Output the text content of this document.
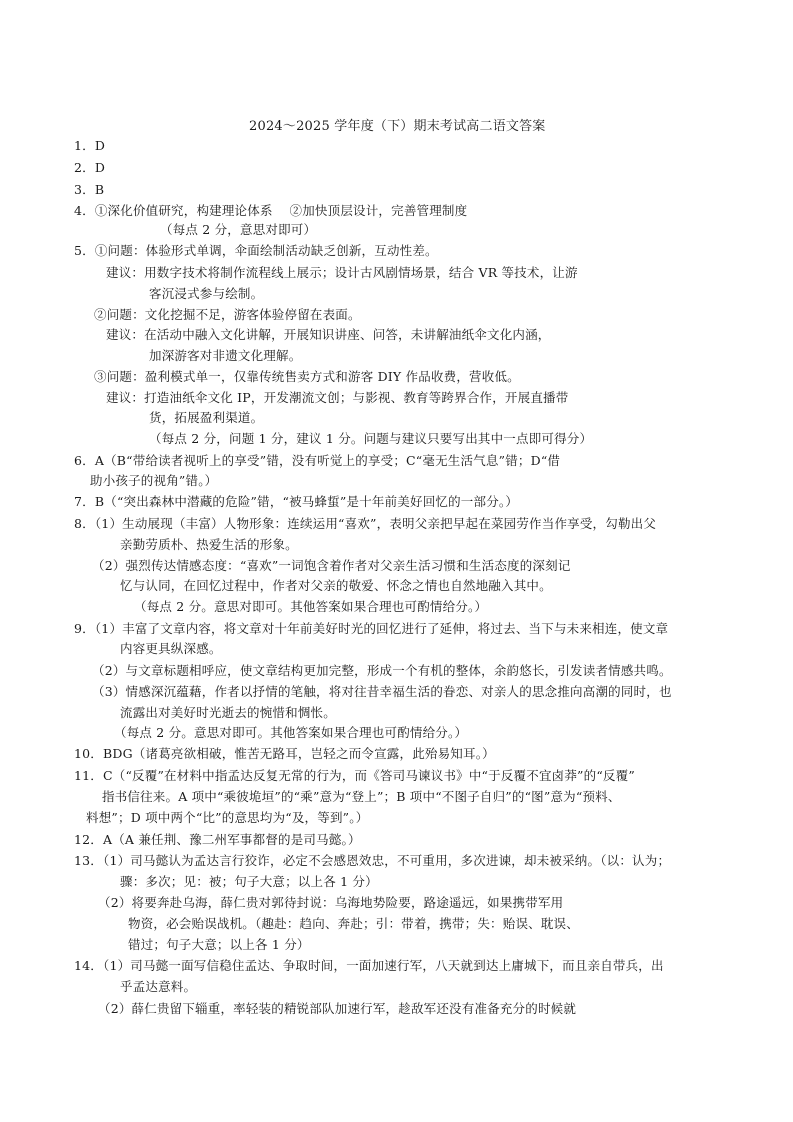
2024～2025 学年度（下）期末考试高二语文答案
1．D
2．D
3．B
4．①深化价值研究，构建理论体系　 ②加快顶层设计，完善管理制度
（每点 2 分，意思对即可）
5．①问题：体验形式单调，伞面绘制活动缺乏创新，互动性差。
建议：用数字技术将制作流程线上展示；设计古风剧情场景，结合 VR 等技术，让游
客沉浸式参与绘制。
②问题：文化挖掘不足，游客体验停留在表面。
建议：在活动中融入文化讲解，开展知识讲座、问答，未讲解油纸伞文化内涵，
加深游客对非遗文化理解。
③问题：盈利模式单一，仅靠传统售卖方式和游客 DIY 作品收费，营收低。
建议：打造油纸伞文化 IP，开发潮流文创；与影视、教育等跨界合作，开展直播带
货，拓展盈利渠道。
（每点 2 分，问题 1 分，建议 1 分。问题与建议只要写出其中一点即可得分）
6．A（B“带给读者视听上的享受”错，没有听觉上的享受；C“毫无生活气息”错；D“借
助小孩子的视角”错。）
7．B（“突出森林中潜藏的危险”错，“被马蜂蜇”是十年前美好回忆的一部分。）
8．（1）生动展现（丰富）人物形象：连续运用“喜欢”，表明父亲把早起在菜园劳作当作享受，勾勒出父
亲勤劳质朴、热爱生活的形象。
（2）强烈传达情感态度：“喜欢”一词饱含着作者对父亲生活习惯和生活态度的深刻记
忆与认同，在回忆过程中，作者对父亲的敬爱、怀念之情也自然地融入其中。
（每点 2 分。意思对即可。其他答案如果合理也可酌情给分。）
9．（1）丰富了文章内容，将文章对十年前美好时光的回忆进行了延伸，将过去、当下与未来相连，使文章
内容更具纵深感。
（2）与文章标题相呼应，使文章结构更加完整，形成一个有机的整体，余韵悠长，引发读者情感共鸣。
（3）情感深沉蕴藉，作者以抒情的笔触，将对往昔幸福生活的眷恋、对亲人的思念推向高潮的同时，也
流露出对美好时光逝去的惋惜和惆怅。
（每点 2 分。意思对即可。其他答案如果合理也可酌情给分。）
10．BDG（诸葛亮欲相破，惟苦无路耳，岂轻之而令宣露，此殆易知耳。）
11．C（“反覆”在材料中指孟达反复无常的行为，而《答司马谏议书》中“于反覆不宜卤莽”的“反覆”
指书信往来。A 项中“乘彼垝垣”的“乘”意为“登上”；B 项中“不图子自归”的“图”意为“预料、
料想”；D 项中两个“比”的意思均为“及，等到”。）
12．A（A 兼任荆、豫二州军事都督的是司马懿。）
13．（1）司马懿认为孟达言行狡诈，必定不会感恩效忠，不可重用，多次进谏，却未被采纳。（以：认为；
骤：多次；见：被；句子大意；以上各 1 分）
（2）将要奔赴乌海，薛仁贵对郭待封说：乌海地势险要，路途遥远，如果携带军用
物资，必会贻误战机。（趣赴：趋向、奔赴；引：带着，携带；失：贻误、耽误、
错过；句子大意；以上各 1 分）
14．（1）司马懿一面写信稳住孟达、争取时间，一面加速行军，八天就到达上庸城下，而且亲自带兵，出
乎孟达意料。
（2）薛仁贵留下辎重，率轻装的精锐部队加速行军，趁敌军还没有准备充分的时候就
